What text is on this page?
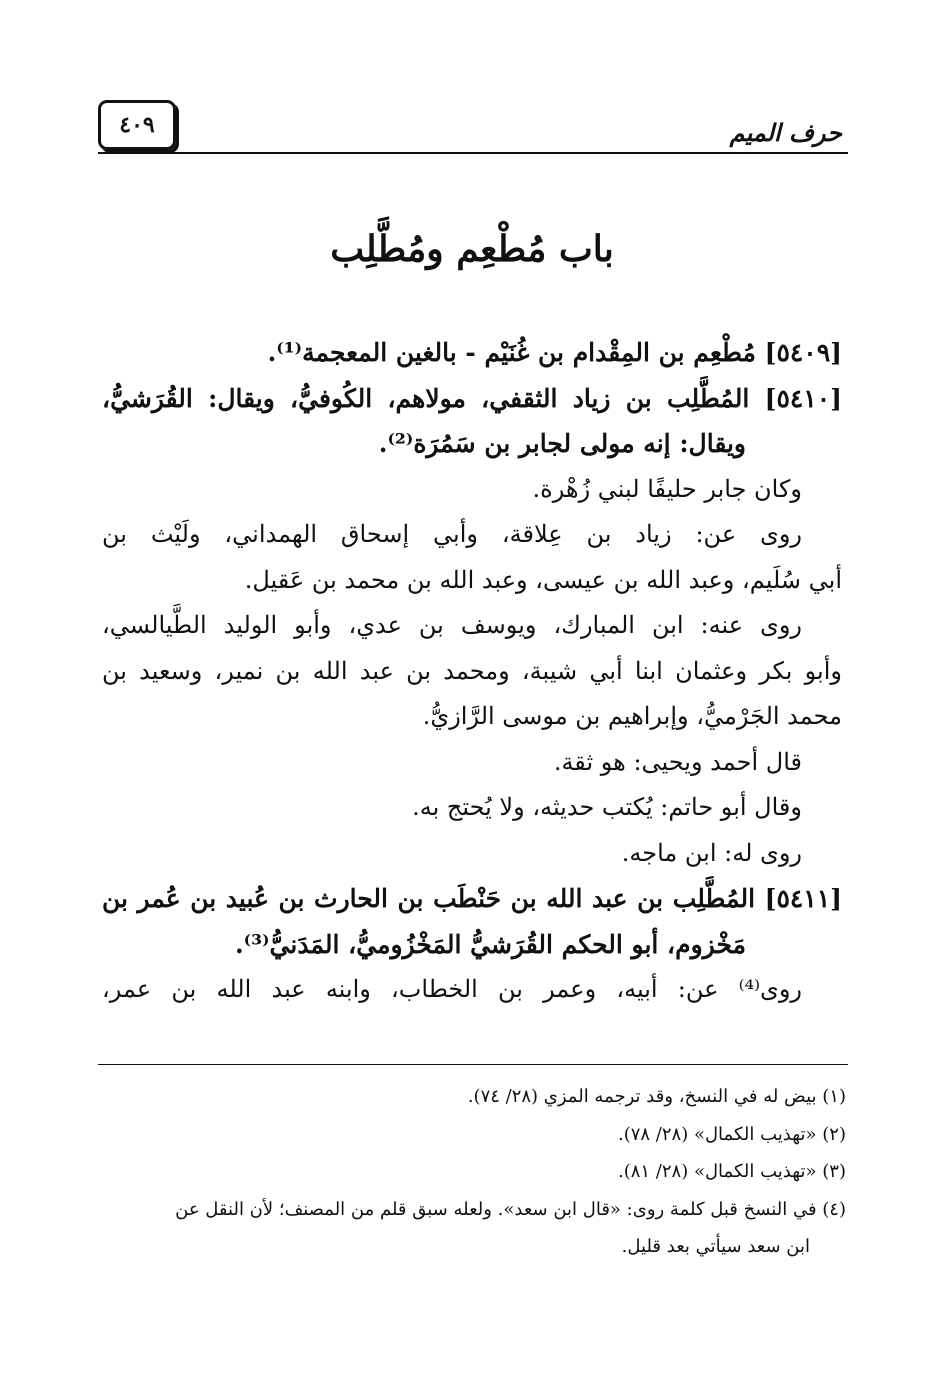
حرف الميم
٤٠٩
باب مُطْعِم ومُطَّلِب
[٥٤٠٩] مُطْعِم بن المِقْدام بن غُنَيْم - بالغين المعجمة⁽¹⁾.
[٥٤١٠] المُطَّلِب بن زياد الثقفي، مولاهم، الكُوفيُّ، ويقال: القُرَشيُّ،
ويقال: إنه مولى لجابر بن سَمُرَة⁽²⁾.
وكان جابر حليفًا لبني زُهْرة.
روى عن: زياد بن عِلاقة، وأبي إسحاق الهمداني، ولَيْث بن
أبي سُلَيم، وعبد الله بن عيسى، وعبد الله بن محمد بن عَقيل.
روى عنه: ابن المبارك، ويوسف بن عدي، وأبو الوليد الطَّيالسي،
وأبو بكر وعثمان ابنا أبي شيبة، ومحمد بن عبد الله بن نمير، وسعيد بن
محمد الجَرْميُّ، وإبراهيم بن موسى الرَّازيُّ.
قال أحمد ويحيى: هو ثقة.
وقال أبو حاتم: يُكتب حديثه، ولا يُحتج به.
روى له: ابن ماجه.
[٥٤١١] المُطَّلِب بن عبد الله بن حَنْطَب بن الحارث بن عُبيد بن عُمر بن
مَخْزوم، أبو الحكم القُرَشيُّ المَخْزُوميُّ، المَدَنيُّ⁽³⁾.
روى⁽⁴⁾ عن: أبيه، وعمر بن الخطاب، وابنه عبد الله بن عمر،
(١) بيض له في النسخ، وقد ترجمه المزي (٢٨/ ٧٤).
(٢) «تهذيب الكمال» (٢٨/ ٧٨).
(٣) «تهذيب الكمال» (٢٨/ ٨١).
(٤) في النسخ قبل كلمة روى: «قال ابن سعد». ولعله سبق قلم من المصنف؛ لأن النقل عن
ابن سعد سيأتي بعد قليل.
